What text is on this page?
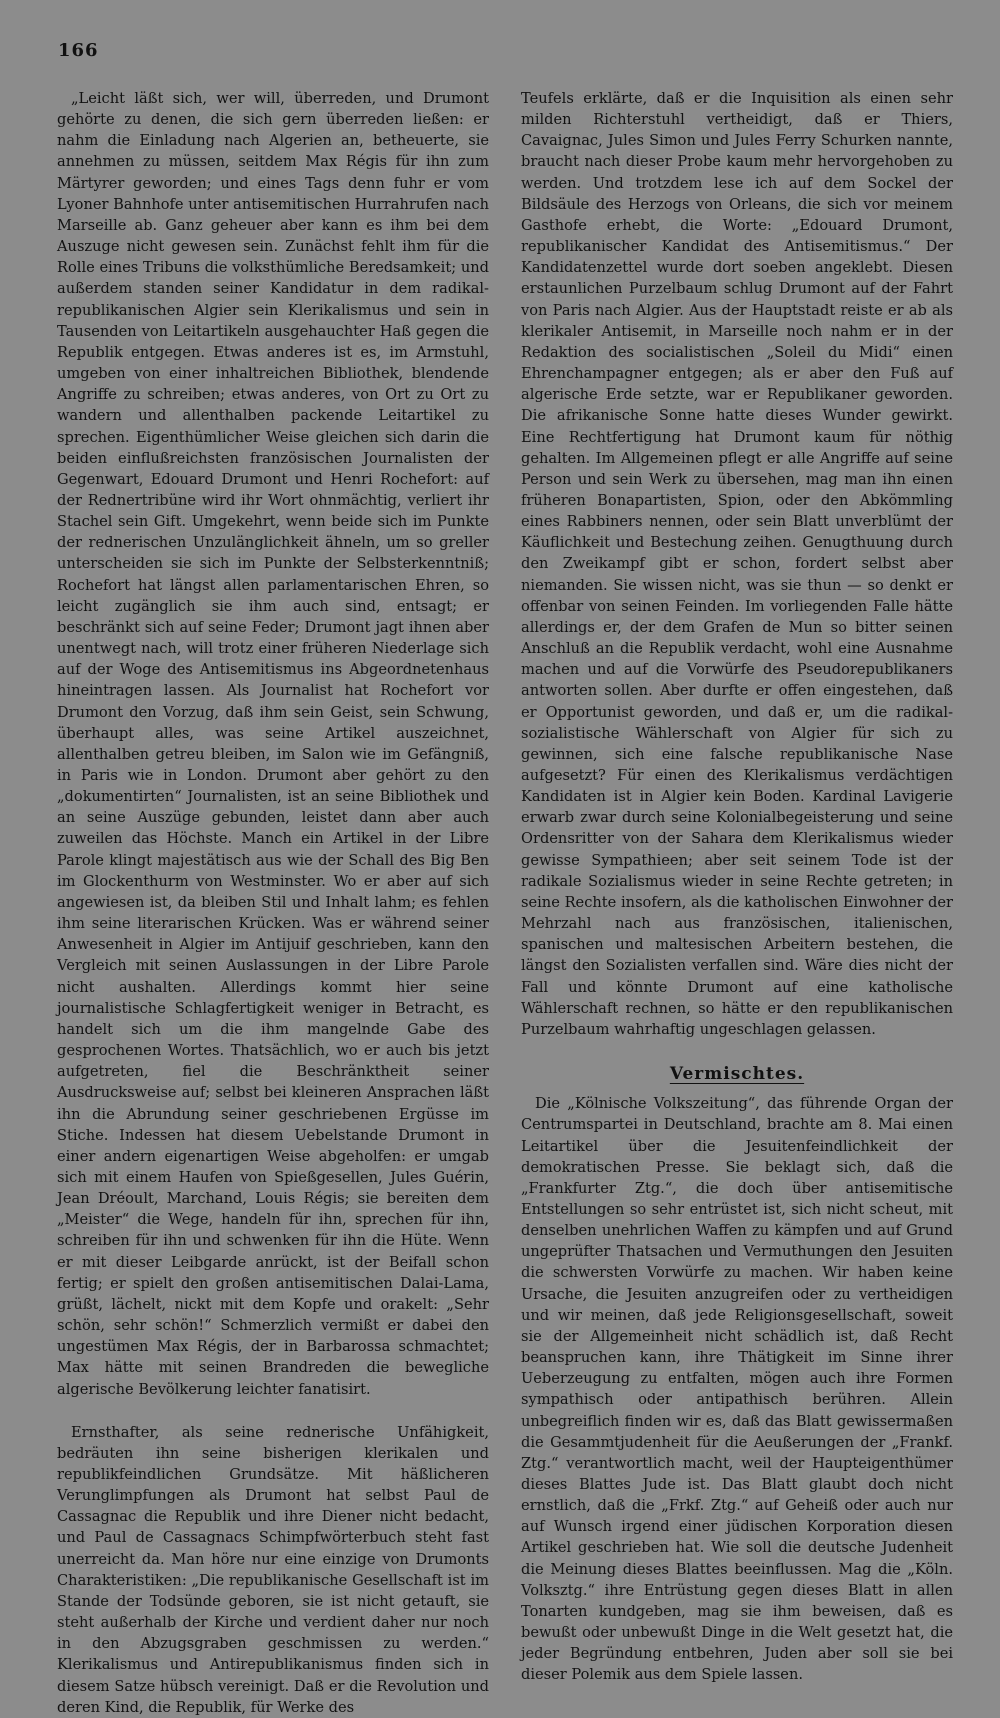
166

„Leicht läßt sich, wer will, überreden, und Drumont gehörte zu denen, die sich gern überreden ließen: er nahm die Einladung nach Algerien an, betheuerte, sie annehmen zu müssen, seitdem Max Régis für ihn zum Märtyrer geworden; und eines Tags denn fuhr er vom Lyoner Bahnhofe unter antisemitischen Hurrahrufen nach Marseille ab. Ganz geheuer aber kann es ihm bei dem Auszuge nicht gewesen sein. Zunächst fehlt ihm für die Rolle eines Tribuns die volksthümliche Beredsamkeit; und außerdem standen seiner Kandidatur in dem radikal-republikanischen Algier sein Klerikalismus und sein in Tausenden von Leitartikeln ausgehauchter Haß gegen die Republik entgegen. Etwas anderes ist es, im Armstuhl, umgeben von einer inhaltreichen Bibliothek, blendende Angriffe zu schreiben; etwas anderes, von Ort zu Ort zu wandern und allenthalben packende Leitartikel zu sprechen. Eigenthümlicher Weise gleichen sich darin die beiden einflußreichsten französischen Journalisten der Gegenwart, Edouard Drumont und Henri Rochefort: auf der Rednertribüne wird ihr Wort ohnmächtig, verliert ihr Stachel sein Gift. Umgekehrt, wenn beide sich im Punkte der rednerischen Unzulänglichkeit ähneln, um so greller unterscheiden sie sich im Punkte der Selbsterkenntniß; Rochefort hat längst allen parlamentarischen Ehren, so leicht zugänglich sie ihm auch sind, entsagt; er beschränkt sich auf seine Feder; Drumont jagt ihnen aber unentwegt nach, will trotz einer früheren Niederlage sich auf der Woge des Antisemitismus ins Abgeordnetenhaus hineintragen lassen. Als Journalist hat Rochefort vor Drumont den Vorzug, daß ihm sein Geist, sein Schwung, überhaupt alles, was seine Artikel auszeichnet, allenthalben getreu bleiben, im Salon wie im Gefängniß, in Paris wie in London. Drumont aber gehört zu den „dokumentirten“ Journalisten, ist an seine Bibliothek und an seine Auszüge gebunden, leistet dann aber auch zuweilen das Höchste. Manch ein Artikel in der Libre Parole klingt majestätisch aus wie der Schall des Big Ben im Glockenthurm von Westminster. Wo er aber auf sich angewiesen ist, da bleiben Stil und Inhalt lahm; es fehlen ihm seine literarischen Krücken. Was er während seiner Anwesenheit in Algier im Antijuif geschrieben, kann den Vergleich mit seinen Auslassungen in der Libre Parole nicht aushalten. Allerdings kommt hier seine journalistische Schlagfertigkeit weniger in Betracht, es handelt sich um die ihm mangelnde Gabe des gesprochenen Wortes. Thatsächlich, wo er auch bis jetzt aufgetreten, fiel die Beschränktheit seiner Ausdrucksweise auf; selbst bei kleineren Ansprachen läßt ihn die Abrundung seiner geschriebenen Ergüsse im Stiche. Indessen hat diesem Uebelstande Drumont in einer andern eigenartigen Weise abgeholfen: er umgab sich mit einem Haufen von Spießgesellen, Jules Guérin, Jean Dréoult, Marchand, Louis Régis; sie bereiten dem „Meister“ die Wege, handeln für ihn, sprechen für ihn, schreiben für ihn und schwenken für ihn die Hüte. Wenn er mit dieser Leibgarde anrückt, ist der Beifall schon fertig; er spielt den großen antisemitischen Dalai-Lama, grüßt, lächelt, nickt mit dem Kopfe und orakelt: „Sehr schön, sehr schön!“ Schmerzlich vermißt er dabei den ungestümen Max Régis, der in Barbarossa schmachtet; Max hätte mit seinen Brandreden die bewegliche algerische Bevölkerung leichter fanatisirt.

Ernsthafter, als seine rednerische Unfähigkeit, bedräuten ihn seine bisherigen klerikalen und republikfeindlichen Grundsätze. Mit häßlicheren Verunglimpfungen als Drumont hat selbst Paul de Cassagnac die Republik und ihre Diener nicht bedacht, und Paul de Cassagnacs Schimpfwörterbuch steht fast unerreicht da. Man höre nur eine einzige von Drumonts Charakteristiken: „Die republikanische Gesellschaft ist im Stande der Todsünde geboren, sie ist nicht getauft, sie steht außerhalb der Kirche und verdient daher nur noch in den Abzugsgraben geschmissen zu werden.“ Klerikalismus und Antirepublikanismus finden sich in diesem Satze hübsch vereinigt. Daß er die Revolution und deren Kind, die Republik, für Werke des

Teufels erklärte, daß er die Inquisition als einen sehr milden Richterstuhl vertheidigt, daß er Thiers, Cavaignac, Jules Simon und Jules Ferry Schurken nannte, braucht nach dieser Probe kaum mehr hervorgehoben zu werden. Und trotzdem lese ich auf dem Sockel der Bildsäule des Herzogs von Orleans, die sich vor meinem Gasthofe erhebt, die Worte: „Edouard Drumont, republikanischer Kandidat des Antisemitismus.“ Der Kandidatenzettel wurde dort soeben angeklebt. Diesen erstaunlichen Purzelbaum schlug Drumont auf der Fahrt von Paris nach Algier. Aus der Hauptstadt reiste er ab als klerikaler Antisemit, in Marseille noch nahm er in der Redaktion des socialistischen „Soleil du Midi“ einen Ehrenchampagner entgegen; als er aber den Fuß auf algerische Erde setzte, war er Republikaner geworden. Die afrikanische Sonne hatte dieses Wunder gewirkt. Eine Rechtfertigung hat Drumont kaum für nöthig gehalten. Im Allgemeinen pflegt er alle Angriffe auf seine Person und sein Werk zu übersehen, mag man ihn einen früheren Bonapartisten, Spion, oder den Abkömmling eines Rabbiners nennen, oder sein Blatt unverblümt der Käuflichkeit und Bestechung zeihen. Genugthuung durch den Zweikampf gibt er schon, fordert selbst aber niemanden. Sie wissen nicht, was sie thun — so denkt er offenbar von seinen Feinden. Im vorliegenden Falle hätte allerdings er, der dem Grafen de Mun so bitter seinen Anschluß an die Republik verdacht, wohl eine Ausnahme machen und auf die Vorwürfe des Pseudorepublikaners antworten sollen. Aber durfte er offen eingestehen, daß er Opportunist geworden, und daß er, um die radikal-sozialistische Wählerschaft von Algier für sich zu gewinnen, sich eine falsche republikanische Nase aufgesetzt? Für einen des Klerikalismus verdächtigen Kandidaten ist in Algier kein Boden. Kardinal Lavigerie erwarb zwar durch seine Kolonialbegeisterung und seine Ordensritter von der Sahara dem Klerikalismus wieder gewisse Sympathieen; aber seit seinem Tode ist der radikale Sozialismus wieder in seine Rechte getreten; in seine Rechte insofern, als die katholischen Einwohner der Mehrzahl nach aus französischen, italienischen, spanischen und maltesischen Arbeitern bestehen, die längst den Sozialisten verfallen sind. Wäre dies nicht der Fall und könnte Drumont auf eine katholische Wählerschaft rechnen, so hätte er den republikanischen Purzelbaum wahrhaftig ungeschlagen gelassen.

Vermischtes.

Die „Kölnische Volkszeitung“, das führende Organ der Centrumspartei in Deutschland, brachte am 8. Mai einen Leitartikel über die Jesuitenfeindlichkeit der demokratischen Presse. Sie beklagt sich, daß die „Frankfurter Ztg.“, die doch über antisemitische Entstellungen so sehr entrüstet ist, sich nicht scheut, mit denselben unehrlichen Waffen zu kämpfen und auf Grund ungeprüfter Thatsachen und Vermuthungen den Jesuiten die schwersten Vorwürfe zu machen. Wir haben keine Ursache, die Jesuiten anzugreifen oder zu vertheidigen und wir meinen, daß jede Religionsgesellschaft, soweit sie der Allgemeinheit nicht schädlich ist, daß Recht beanspruchen kann, ihre Thätigkeit im Sinne ihrer Ueberzeugung zu entfalten, mögen auch ihre Formen sympathisch oder antipathisch berühren. Allein unbegreiflich finden wir es, daß das Blatt gewissermaßen die Gesammtjudenheit für die Aeußerungen der „Frankf. Ztg.“ verantwortlich macht, weil der Haupteigenthümer dieses Blattes Jude ist. Das Blatt glaubt doch nicht ernstlich, daß die „Frkf. Ztg.“ auf Geheiß oder auch nur auf Wunsch irgend einer jüdischen Korporation diesen Artikel geschrieben hat. Wie soll die deutsche Judenheit die Meinung dieses Blattes beeinflussen. Mag die „Köln. Volksztg.“ ihre Entrüstung gegen dieses Blatt in allen Tonarten kundgeben, mag sie ihm beweisen, daß es bewußt oder unbewußt Dinge in die Welt gesetzt hat, die jeder Begründung entbehren, Juden aber soll sie bei dieser Polemik aus dem Spiele lassen.
